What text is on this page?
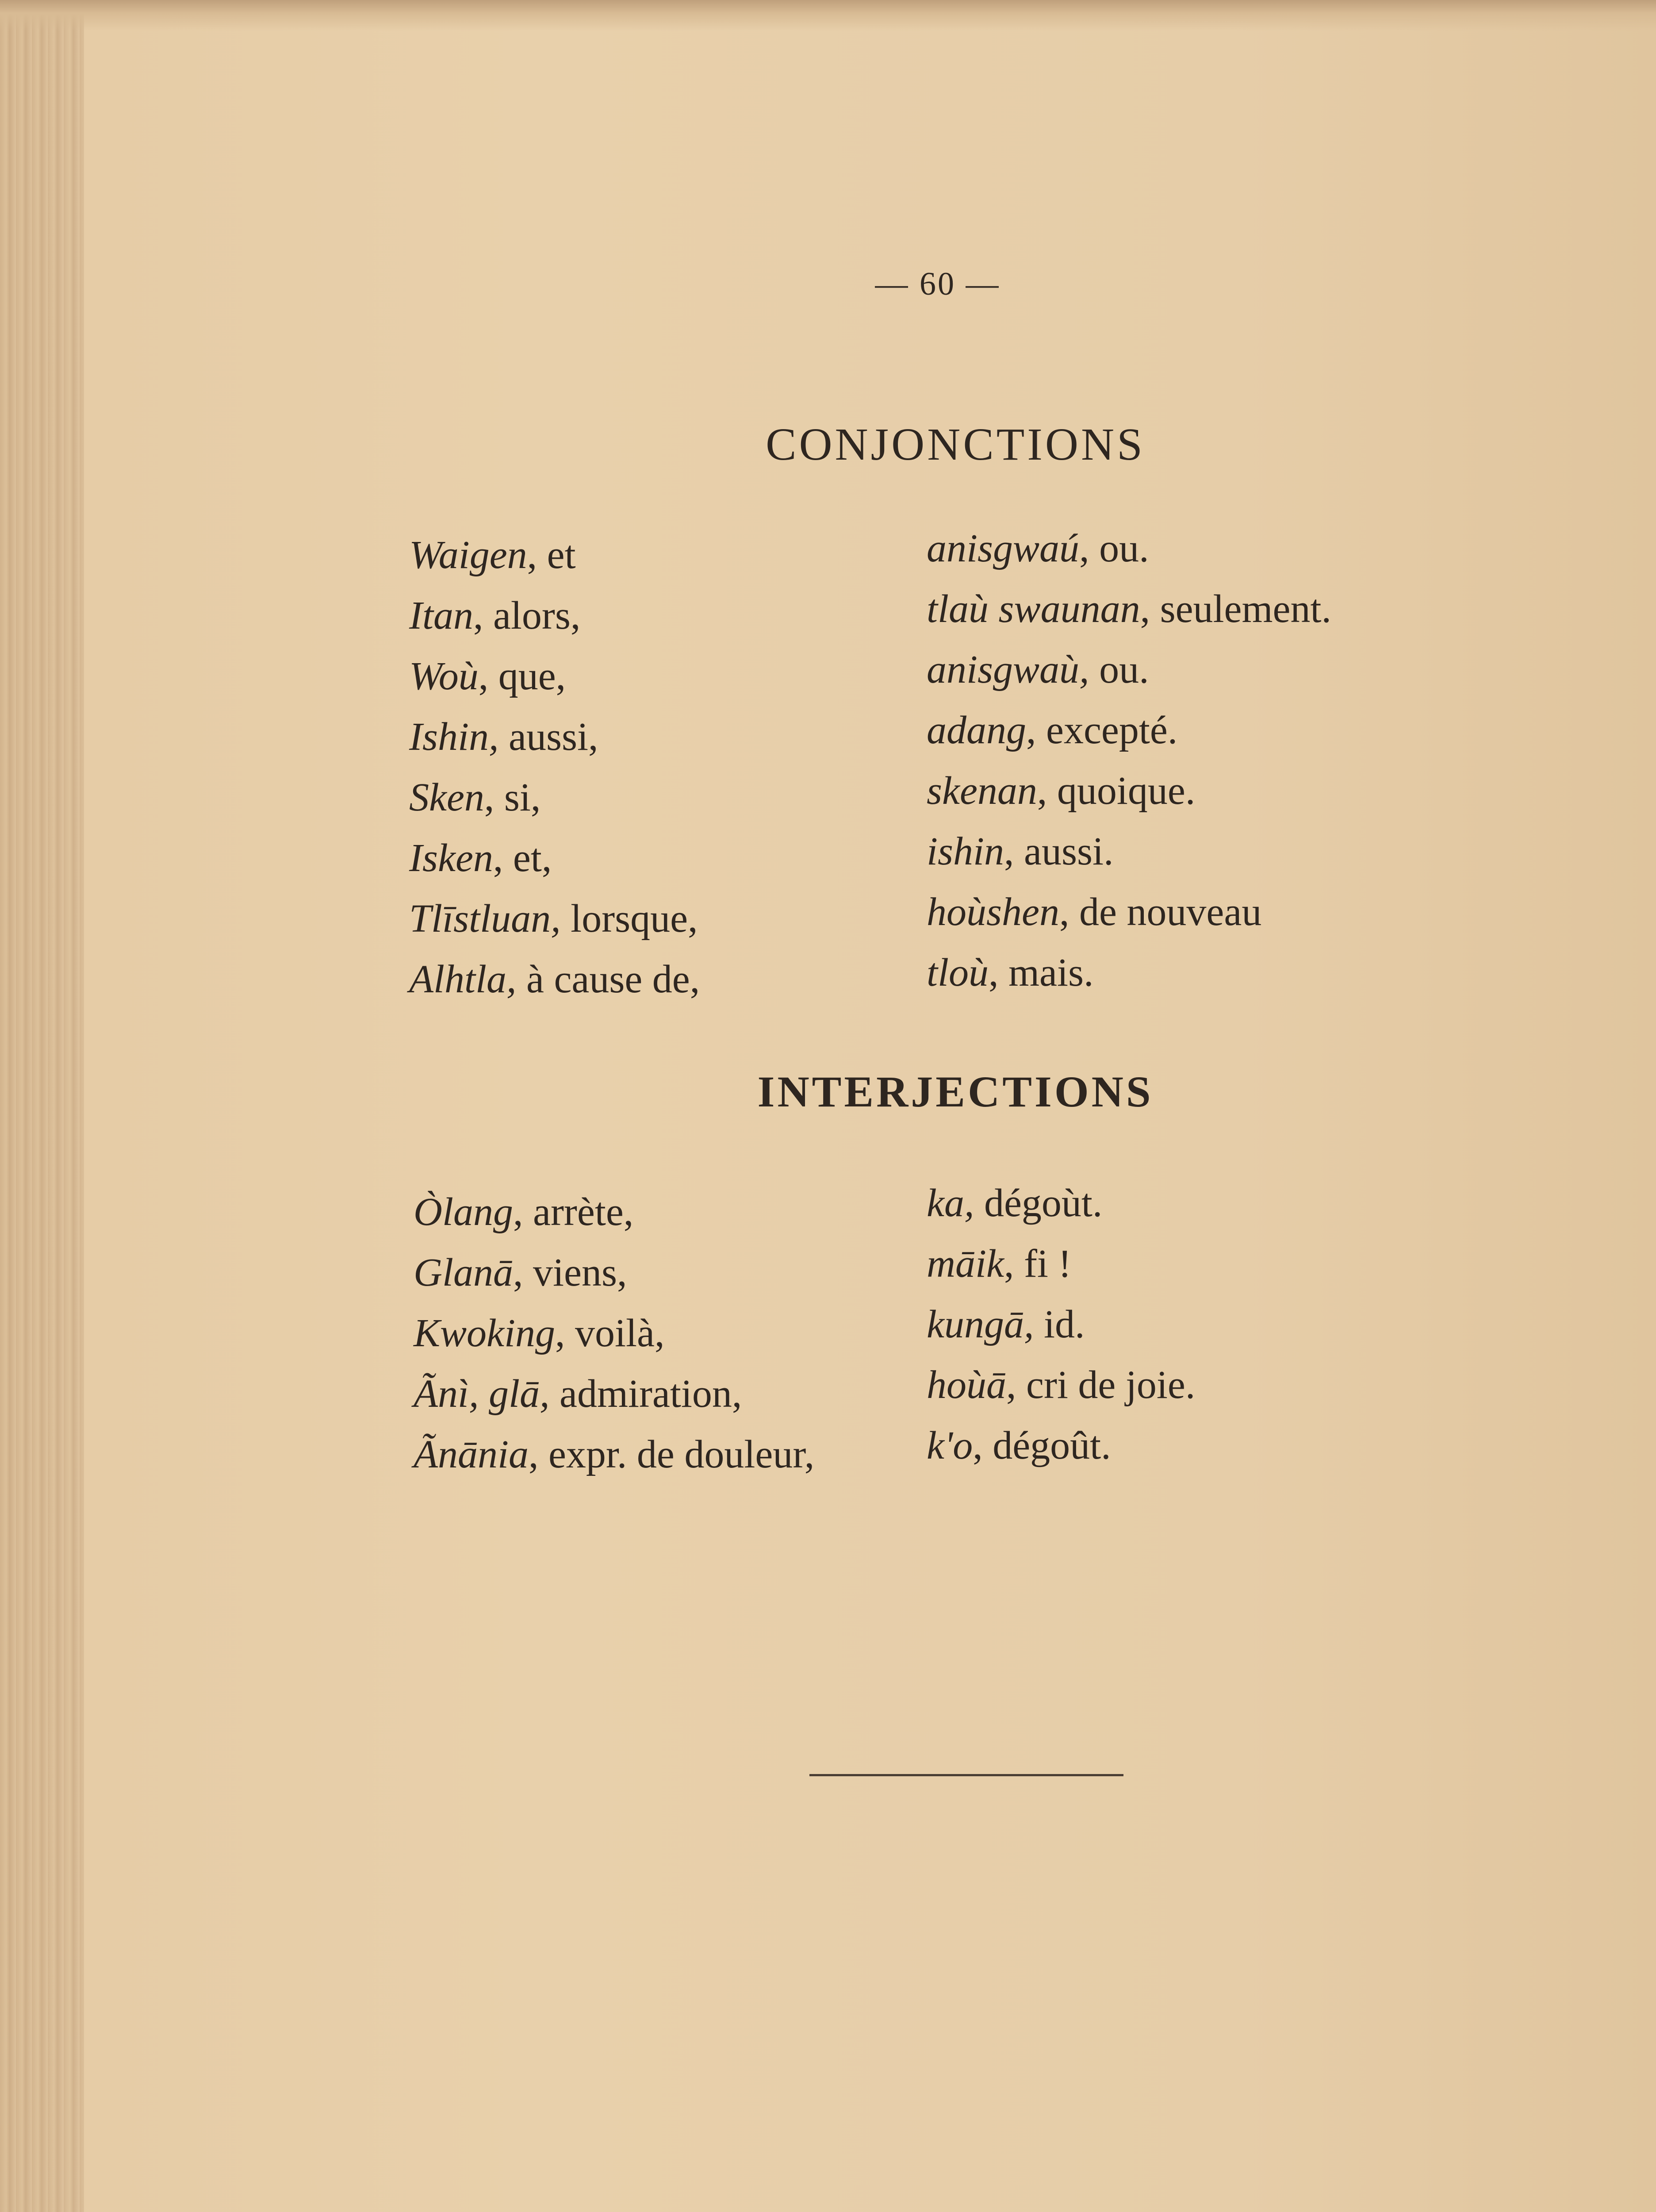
— 60 —
CONJONCTIONS
Waigen, et
Itan, alors,
Woù, que,
Ishin, aussi,
Sken, si,
Isken, et,
Tlīstluan, lorsque,
Alhtla, à cause de,
anisgwaú, ou.
tlaù swaunan, seulement.
anisgwaù, ou.
adang, excepté.
skenan, quoique.
ishin, aussi.
hoùshen, de nouveau
tloù, mais.
INTERJECTIONS
Òlang, arrète,
Glanā, viens,
Kwoking, voilà,
Ãnì, glā, admiration,
Ãnānia, expr. de douleur,
ka, dégoùt.
māik, fi !
kungā, id.
hoùā, cri de joie.
k'o, dégoût.
